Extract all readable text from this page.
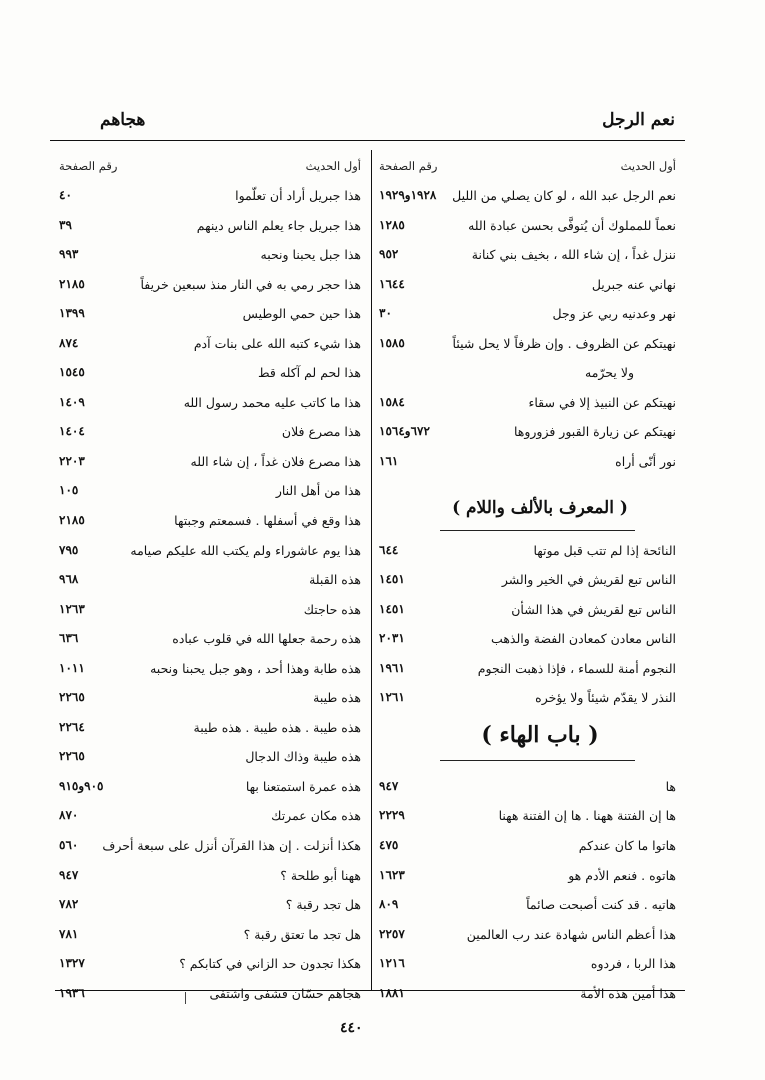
نعم الرجل
هجاهم
أول الحديث
رقم الصفحة
نعم الرجل عبد الله ، لو كان يصلي من الليل
١٩٢٨و١٩٢٩
نعماً للمملوك أن يُتوفَّى بحسن عبادة الله
١٢٨٥
ننزل غداً ، إن شاء الله ، بخيف بني كنانة
٩٥٢
نهاني عنه جبريل
١٦٤٤
نهر وعدنيه ربي عز وجل
٣٠
نهيتكم عن الظروف . وإن ظرفاً لا يحل شيئاً
١٥٨٥
ولا يحرّمه
نهيتكم عن النبيذ إلا في سقاء
١٥٨٤
نهيتكم عن زيارة القبور فزوروها
٦٧٢و١٥٦٤
نور أنّى أراه
١٦١
النائحة إذا لم تتب قبل موتها
٦٤٤
الناس تبع لقريش في الخير والشر
١٤٥١
الناس تبع لقريش في هذا الشأن
١٤٥١
الناس معادن كمعادن الفضة والذهب
٢٠٣١
النجوم أمنة للسماء ، فإذا ذهبت النجوم
١٩٦١
النذر لا يقدّم شيئاً ولا يؤخره
١٢٦١
ها
٩٤٧
ها إن الفتنة ههنا . ها إن الفتنة ههنا
٢٢٢٩
هاتوا ما كان عندكم
٤٧٥
هاتوه . فنعم الأدم هو
١٦٢٣
هاتيه . قد كنت أصبحت صائماً
٨٠٩
هذا أعظم الناس شهادة عند رب العالمين
٢٢٥٧
هذا الربا ، فردوه
١٢١٦
هذا أمين هذه الأمة
١٨٨١
أول الحديث
رقم الصفحة
هذا جبريل أراد أن تعلّموا
٤٠
هذا جبريل جاء يعلم الناس دينهم
٣٩
هذا جبل يحبنا ونحبه
٩٩٣
هذا حجر رمي به في النار منذ سبعين خريفاً
٢١٨٥
هذا حين حمي الوطيس
١٣٩٩
هذا شيء كتبه الله على بنات آدم
٨٧٤
هذا لحم لم آكله قط
١٥٤٥
هذا ما كاتب عليه محمد رسول الله
١٤٠٩
هذا مصرع فلان
١٤٠٤
هذا مصرع فلان غداً ، إن شاء الله
٢٢٠٣
هذا من أهل النار
١٠٥
هذا وقع في أسفلها . فسمعتم وجبتها
٢١٨٥
هذا يوم عاشوراء ولم يكتب الله عليكم صيامه
٧٩٥
هذه القبلة
٩٦٨
هذه حاجتك
١٢٦٣
هذه رحمة جعلها الله في قلوب عباده
٦٣٦
هذه طابة وهذا أحد ، وهو جبل يحبنا ونحبه
١٠١١
هذه طيبة
٢٢٦٥
هذه طيبة . هذه طيبة . هذه طيبة
٢٢٦٤
هذه طيبة وذاك الدجال
٢٢٦٥
هذه عمرة استمتعنا بها
٩٠٥و٩١٥
هذه مكان عمرتك
٨٧٠
هكذا أنزلت . إن هذا القرآن أنزل على سبعة أحرف
٥٦٠
ههنا أبو طلحة ؟
٩٤٧
هل تجد رقبة ؟
٧٨٢
هل تجد ما تعتق رقبة ؟
٧٨١
هكذا تجدون حد الزاني في كتابكم ؟
١٣٢٧
هجاهم حسّان فشفى واشتفى
١٩٣٦
( المعرف بالألف واللام )
( باب الهاء )
٤٤٠
